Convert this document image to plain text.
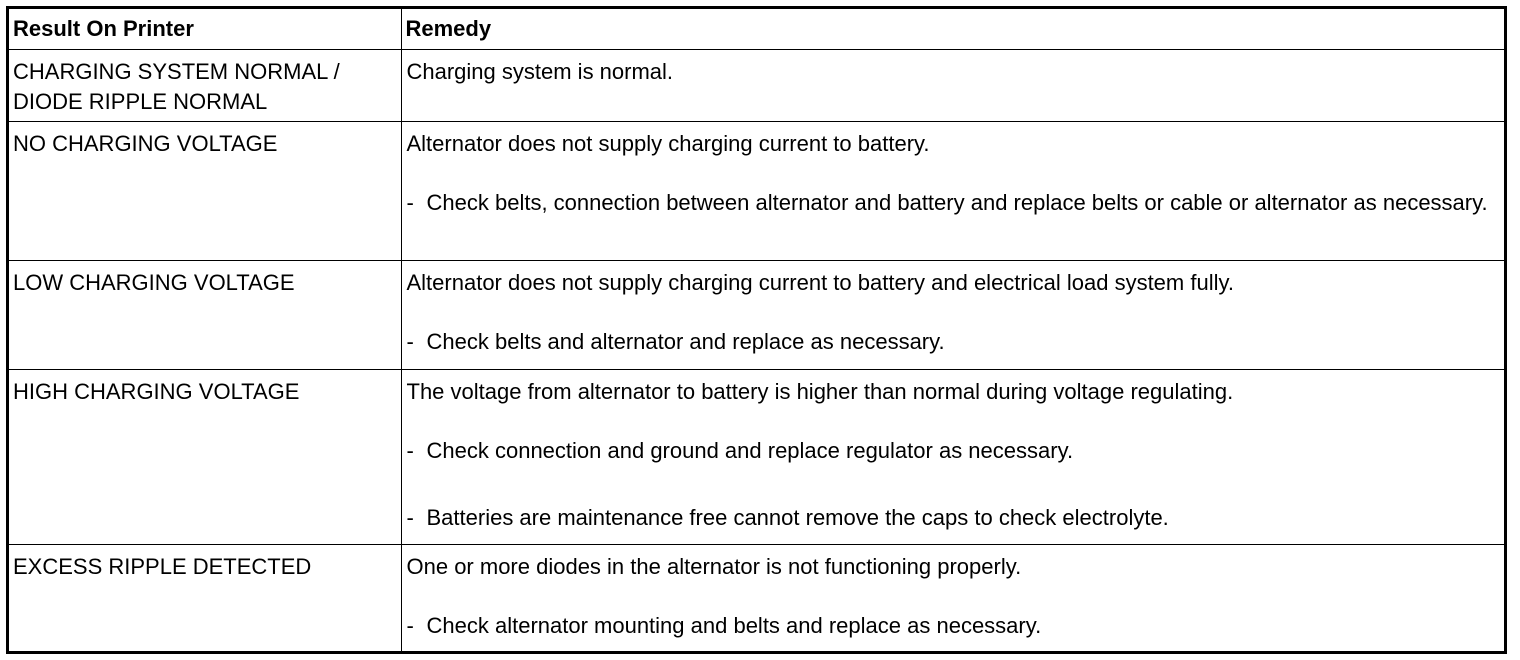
Result On Printer	Remedy
CHARGING SYSTEM NORMAL / DIODE RIPPLE NORMAL	Charging system is normal.

NO CHARGING VOLTAGE	Alternator does not supply charging current to battery.

- Check belts, connection between alternator and battery and replace belts or cable or alternator as necessary.

LOW CHARGING VOLTAGE	Alternator does not supply charging current to battery and electrical load system fully.

- Check belts and alternator and replace as necessary.

HIGH CHARGING VOLTAGE	The voltage from alternator to battery is higher than normal during voltage regulating.

- Check connection and ground and replace regulator as necessary.
- Batteries are maintenance free cannot remove the caps to check electrolyte.

EXCESS RIPPLE DETECTED	One or more diodes in the alternator is not functioning properly.

- Check alternator mounting and belts and replace as necessary.
